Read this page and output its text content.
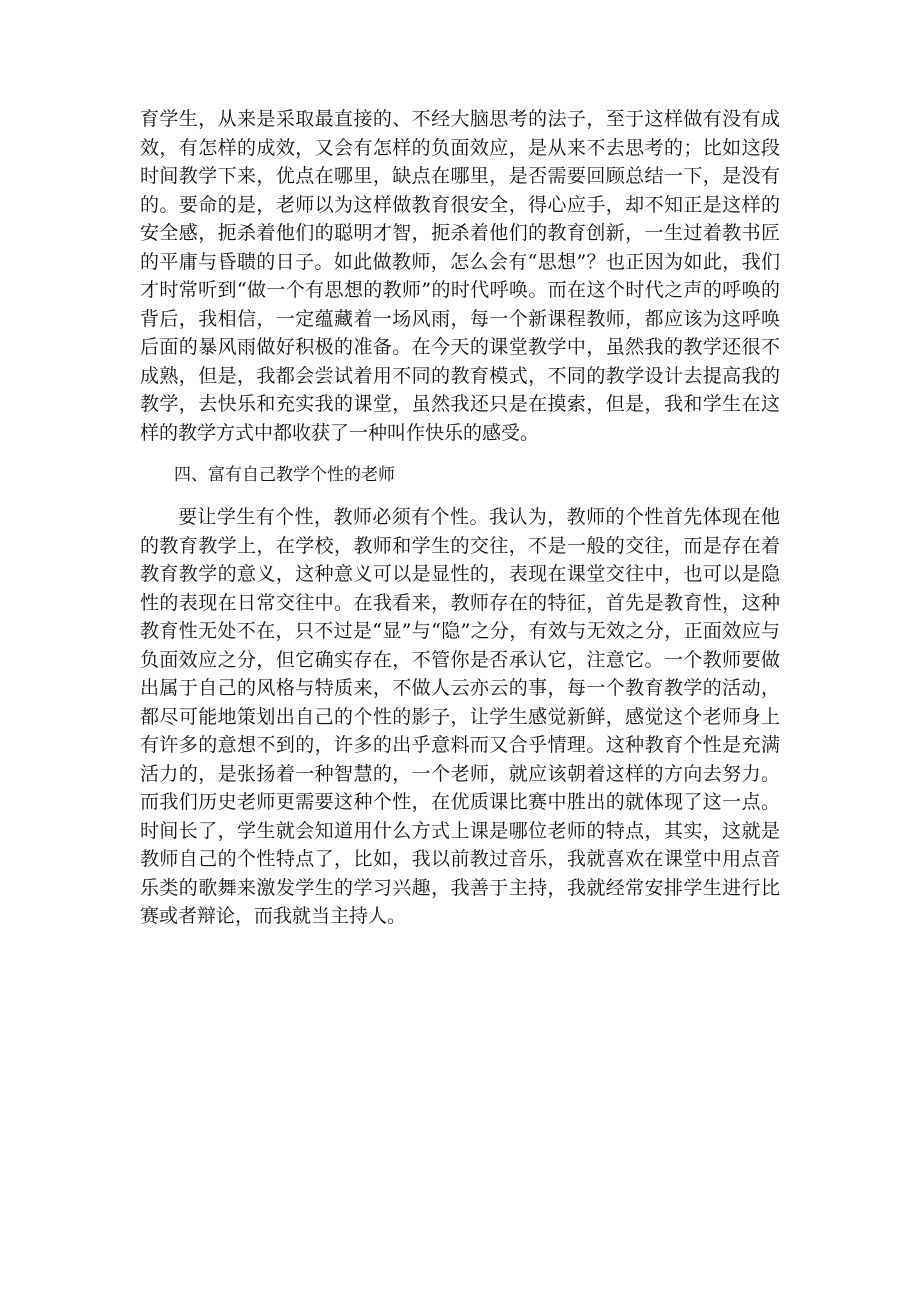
育学生，从来是采取最直接的、不经大脑思考的法子，至于这样做有没有成效，有怎样的成效，又会有怎样的负面效应，是从来不去思考的；比如这段时间教学下来，优点在哪里，缺点在哪里，是否需要回顾总结一下，是没有的。要命的是，老师以为这样做教育很安全，得心应手，却不知正是这样的安全感，扼杀着他们的聪明才智，扼杀着他们的教育创新，一生过着教书匠的平庸与昏聩的日子。如此做教师，怎么会有“思想”？也正因为如此，我们才时常听到“做一个有思想的教师”的时代呼唤。而在这个时代之声的呼唤的背后，我相信，一定蕴藏着一场风雨，每一个新课程教师，都应该为这呼唤后面的暴风雨做好积极的准备。在今天的课堂教学中，虽然我的教学还很不成熟，但是，我都会尝试着用不同的教育模式，不同的教学设计去提高我的教学，去快乐和充实我的课堂，虽然我还只是在摸索，但是，我和学生在这样的教学方式中都收获了一种叫作快乐的感受。

四、富有自己教学个性的老师

要让学生有个性，教师必须有个性。我认为，教师的个性首先体现在他的教育教学上，在学校，教师和学生的交往，不是一般的交往，而是存在着教育教学的意义，这种意义可以是显性的，表现在课堂交往中，也可以是隐性的表现在日常交往中。在我看来，教师存在的特征，首先是教育性，这种教育性无处不在，只不过是“显”与“隐”之分，有效与无效之分，正面效应与负面效应之分，但它确实存在，不管你是否承认它，注意它。一个教师要做出属于自己的风格与特质来，不做人云亦云的事，每一个教育教学的活动，都尽可能地策划出自己的个性的影子，让学生感觉新鲜，感觉这个老师身上有许多的意想不到的，许多的出乎意料而又合乎情理。这种教育个性是充满活力的，是张扬着一种智慧的，一个老师，就应该朝着这样的方向去努力。而我们历史老师更需要这种个性，在优质课比赛中胜出的就体现了这一点。时间长了，学生就会知道用什么方式上课是哪位老师的特点，其实，这就是教师自己的个性特点了，比如，我以前教过音乐，我就喜欢在课堂中用点音乐类的歌舞来激发学生的学习兴趣，我善于主持，我就经常安排学生进行比赛或者辩论，而我就当主持人。
